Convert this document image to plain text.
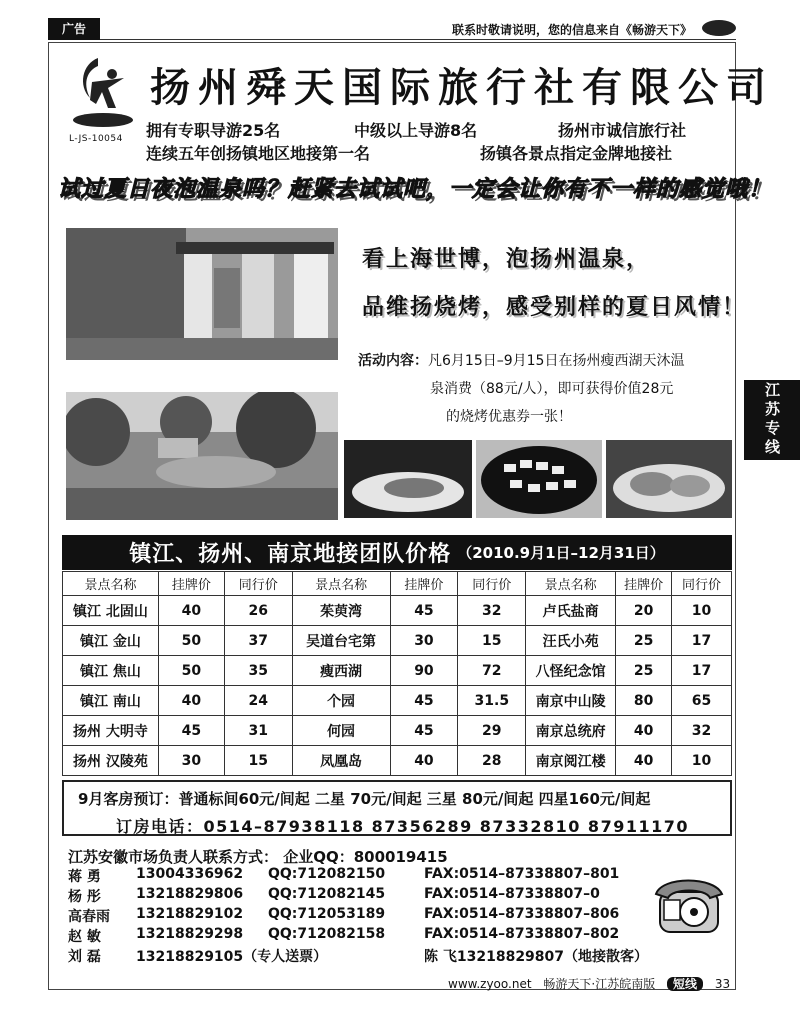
广告	联系时敬请说明，您的信息来自《畅游天下》
L-JS-10054
扬州舜天国际旅行社有限公司
拥有专职导游25名	中级以上导游8名	扬州市诚信旅行社
连续五年创扬镇地区地接第一名	扬镇各景点指定金牌地接社
试过夏日夜泡温泉吗？赶紧去试试吧，一定会让你有不一样的感觉哦！
看上海世博，泡扬州温泉，
品维扬烧烤，感受别样的夏日风情！
活动内容：凡6月15日–9月15日在扬州瘦西湖天沐温
泉消费（88元/人），即可获得价值28元
的烧烤优惠券一张！	江苏
专线
镇江、扬州、南京地接团队价格 （2010.9月1日–12月31日）
景点名称	挂牌价	同行价	景点名称	挂牌价	同行价	景点名称	挂牌价	同行价
镇江 北固山	40	26	茱萸湾	45	32	卢氏盐商	20	10
镇江 金山	50	37	吴道台宅第	30	15	汪氏小苑	25	17
镇江 焦山	50	35	瘦西湖	90	72	八怪纪念馆	25	17
镇江 南山	40	24	个园	45	31.5	南京中山陵	80	65
扬州 大明寺	45	31	何园	45	29	南京总统府	40	32
扬州 汉陵苑	30	15	凤凰岛	40	28	南京阅江楼	40	10
9月客房预订：普通标间60元/间起 二星 70元/间起 三星 80元/间起 四星160元/间起
订房电话：0514–87938118 87356289 87332810 87911170
江苏安徽市场负责人联系方式： 企业QQ：800019415
蒋 勇	13004336962 QQ:712082150	FAX:0514–87338807–801
杨 彤	13218829806 QQ:712082145	FAX:0514–87338807–0
高春雨 13218829102 QQ:712053189	FAX:0514–87338807–806
赵 敏	13218829298 QQ:712082158	FAX:0514–87338807–802
刘 磊	13218829105（专人送票）	陈 飞13218829807（地接散客）
www.zyoo.net 畅游天下·江苏皖南版 短线 33
